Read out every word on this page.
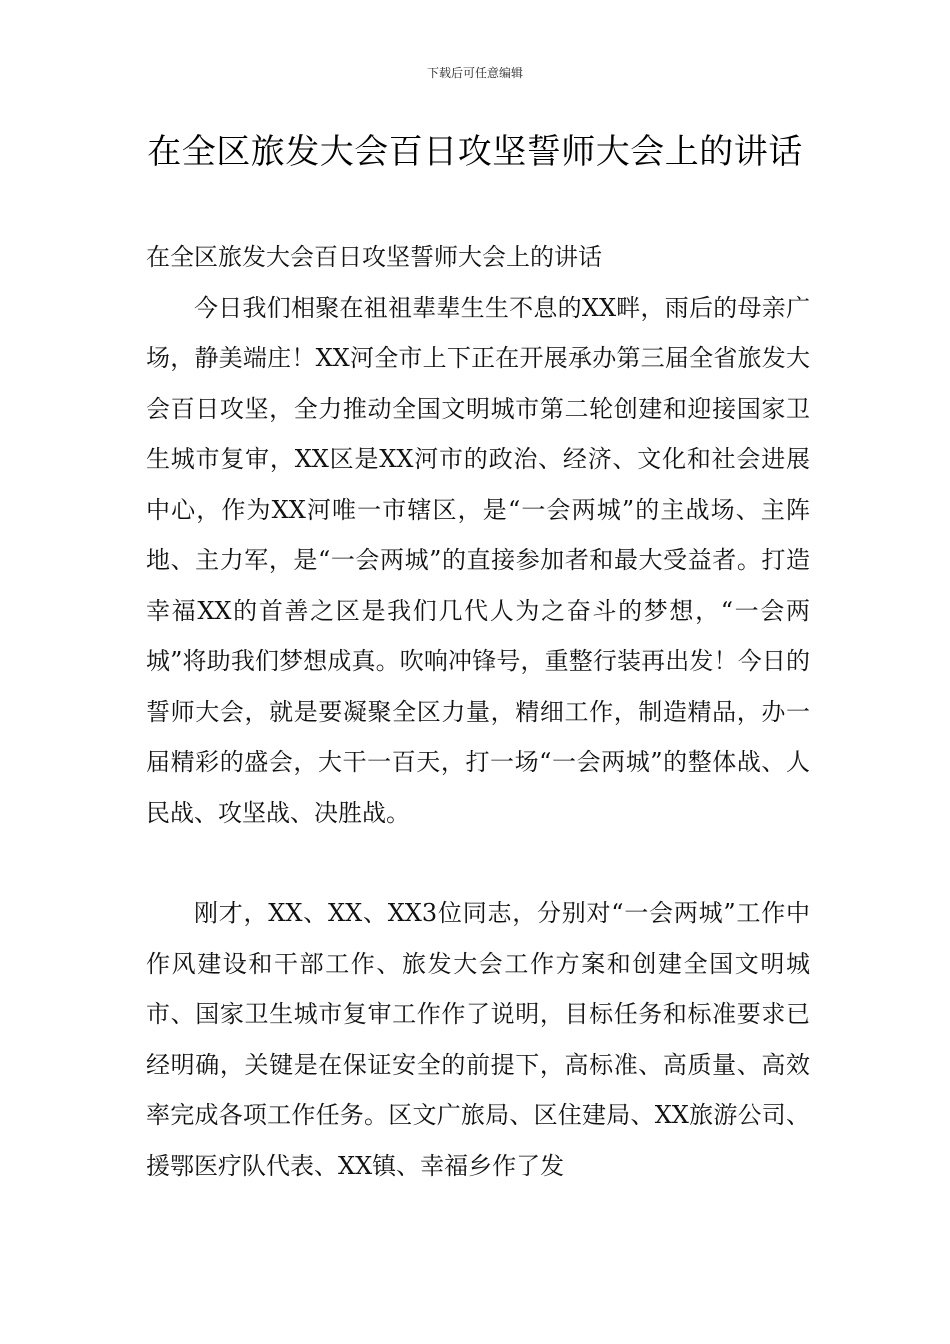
下载后可任意编辑
在全区旅发大会百日攻坚誓师大会上的讲话

在全区旅发大会百日攻坚誓师大会上的讲话

今日我们相聚在祖祖辈辈生生不息的XX畔，雨后的母亲广场，静美端庄！XX河全市上下正在开展承办第三届全省旅发大会百日攻坚，全力推动全国文明城市第二轮创建和迎接国家卫生城市复审，XX区是XX河市的政治、经济、文化和社会进展中心，作为XX河唯一市辖区，是“一会两城”的主战场、主阵地、主力军，是“一会两城”的直接参加者和最大受益者。打造幸福XX的首善之区是我们几代人为之奋斗的梦想，“一会两城”将助我们梦想成真。吹响冲锋号，重整行装再出发！今日的誓师大会，就是要凝聚全区力量，精细工作，制造精品，办一届精彩的盛会，大干一百天，打一场“一会两城”的整体战、人民战、攻坚战、决胜战。

刚才，XX、XX、XX3位同志，分别对“一会两城”工作中作风建设和干部工作、旅发大会工作方案和创建全国文明城市、国家卫生城市复审工作作了说明，目标任务和标准要求已经明确，关键是在保证安全的前提下，高标准、高质量、高效率完成各项工作任务。区文广旅局、区住建局、XX旅游公司、援鄂医疗队代表、XX镇、幸福乡作了发
